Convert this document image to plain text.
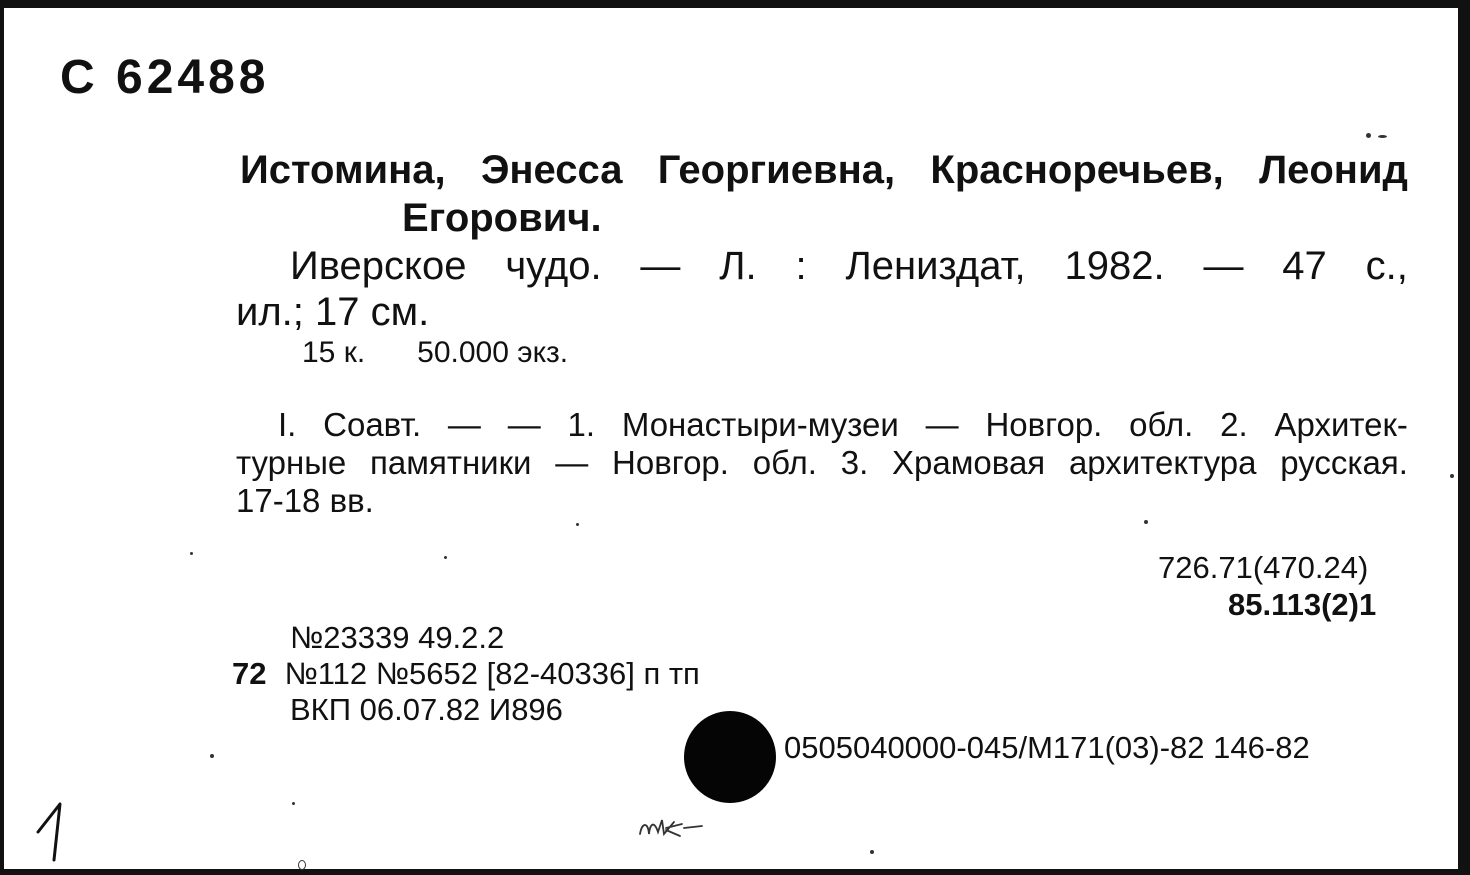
С 62488
Истомина, Энесса Георгиевна, Красноречьев, Леонид
Егорович.
Иверское чудо. — Л. : Лениздат, 1982. — 47 с.,
ил.; 17 см.
15 к. 50.000 экз.
I. Соавт. — — 1. Монастыри-музеи — Новгор. обл. 2. Архитек-
турные памятники — Новгор. обл. 3. Храмовая архитектура русская.
17-18 вв.
726.71(470.24)
85.113(2)1
№23339 49.2.2
72 №112 №5652 [82-40336] п тп
ВКП 06.07.82 И896
0505040000-045/М171(03)-82 146-82
